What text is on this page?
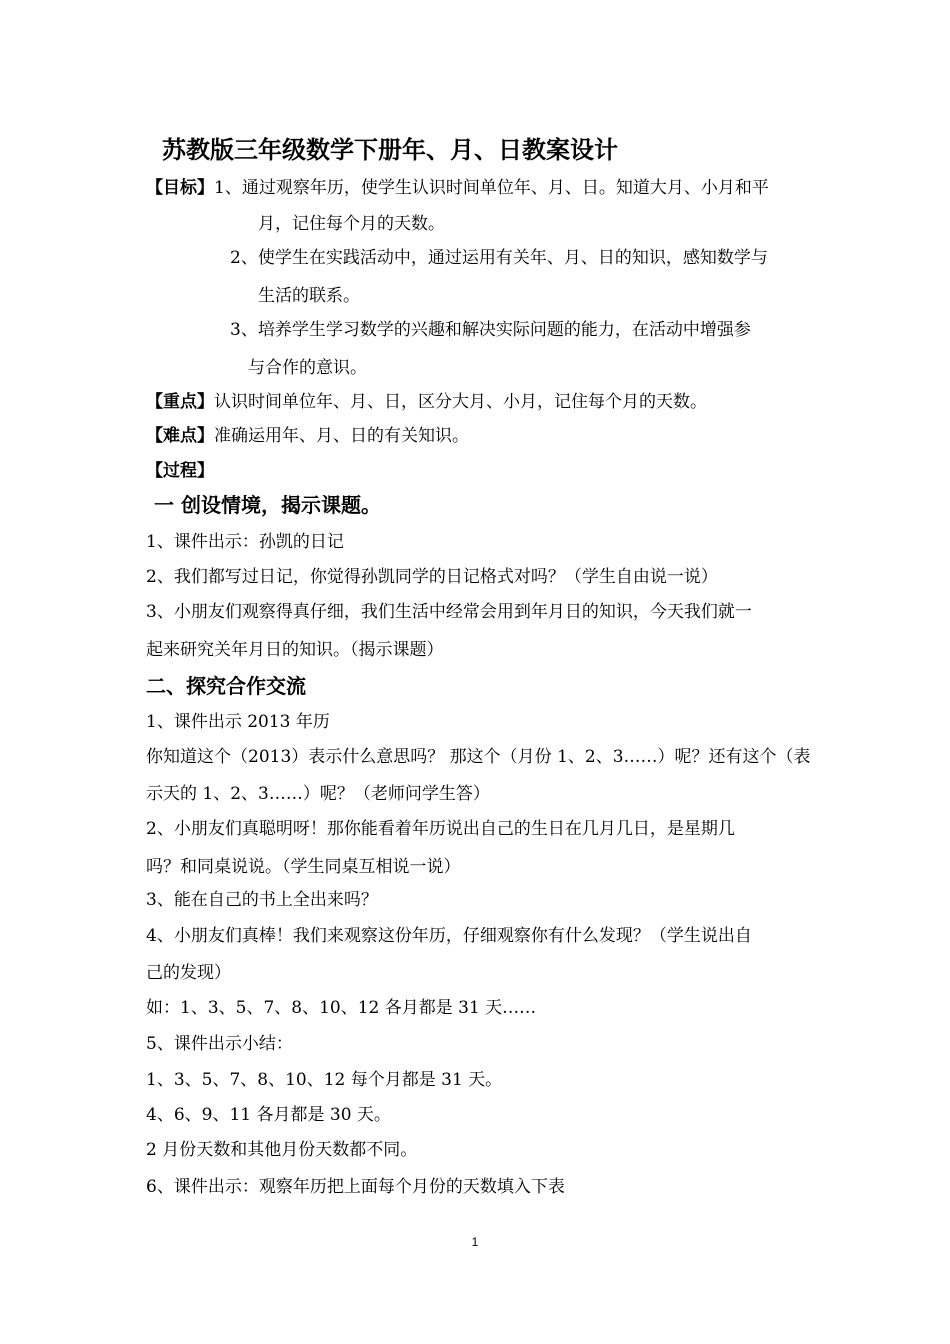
苏教版三年级数学下册年、月、日教案设计
【目标】1、通过观察年历，使学生认识时间单位年、月、日。知道大月、小月和平
月，记住每个月的天数。
2、使学生在实践活动中，通过运用有关年、月、日的知识，感知数学与
生活的联系。
3、培养学生学习数学的兴趣和解决实际问题的能力，在活动中增强参
与合作的意识。
【重点】认识时间单位年、月、日，区分大月、小月，记住每个月的天数。
【难点】准确运用年、月、日的有关知识。
【过程】
一 创设情境，揭示课题。
1、课件出示：孙凯的日记
2、我们都写过日记，你觉得孙凯同学的日记格式对吗？（学生自由说一说）
3、小朋友们观察得真仔细，我们生活中经常会用到年月日的知识，今天我们就一
起来研究关年月日的知识。（揭示课题）
二、探究合作交流
1、课件出示 2013 年历
你知道这个（2013）表示什么意思吗？ 那这个（月份 1、2、3……）呢？还有这个（表
示天的 1、2、3……）呢？（老师问学生答）
2、小朋友们真聪明呀！那你能看着年历说出自己的生日在几月几日，是星期几
吗？和同桌说说。（学生同桌互相说一说）
3、能在自己的书上全出来吗？
4、小朋友们真棒！我们来观察这份年历，仔细观察你有什么发现？（学生说出自
己的发现）
如：1、3、5、7、8、10、12 各月都是 31 天……
5、课件出示小结：
1、3、5、7、8、10、12 每个月都是 31 天。
4、6、9、11 各月都是 30 天。
2 月份天数和其他月份天数都不同。
6、课件出示：观察年历把上面每个月份的天数填入下表
1
